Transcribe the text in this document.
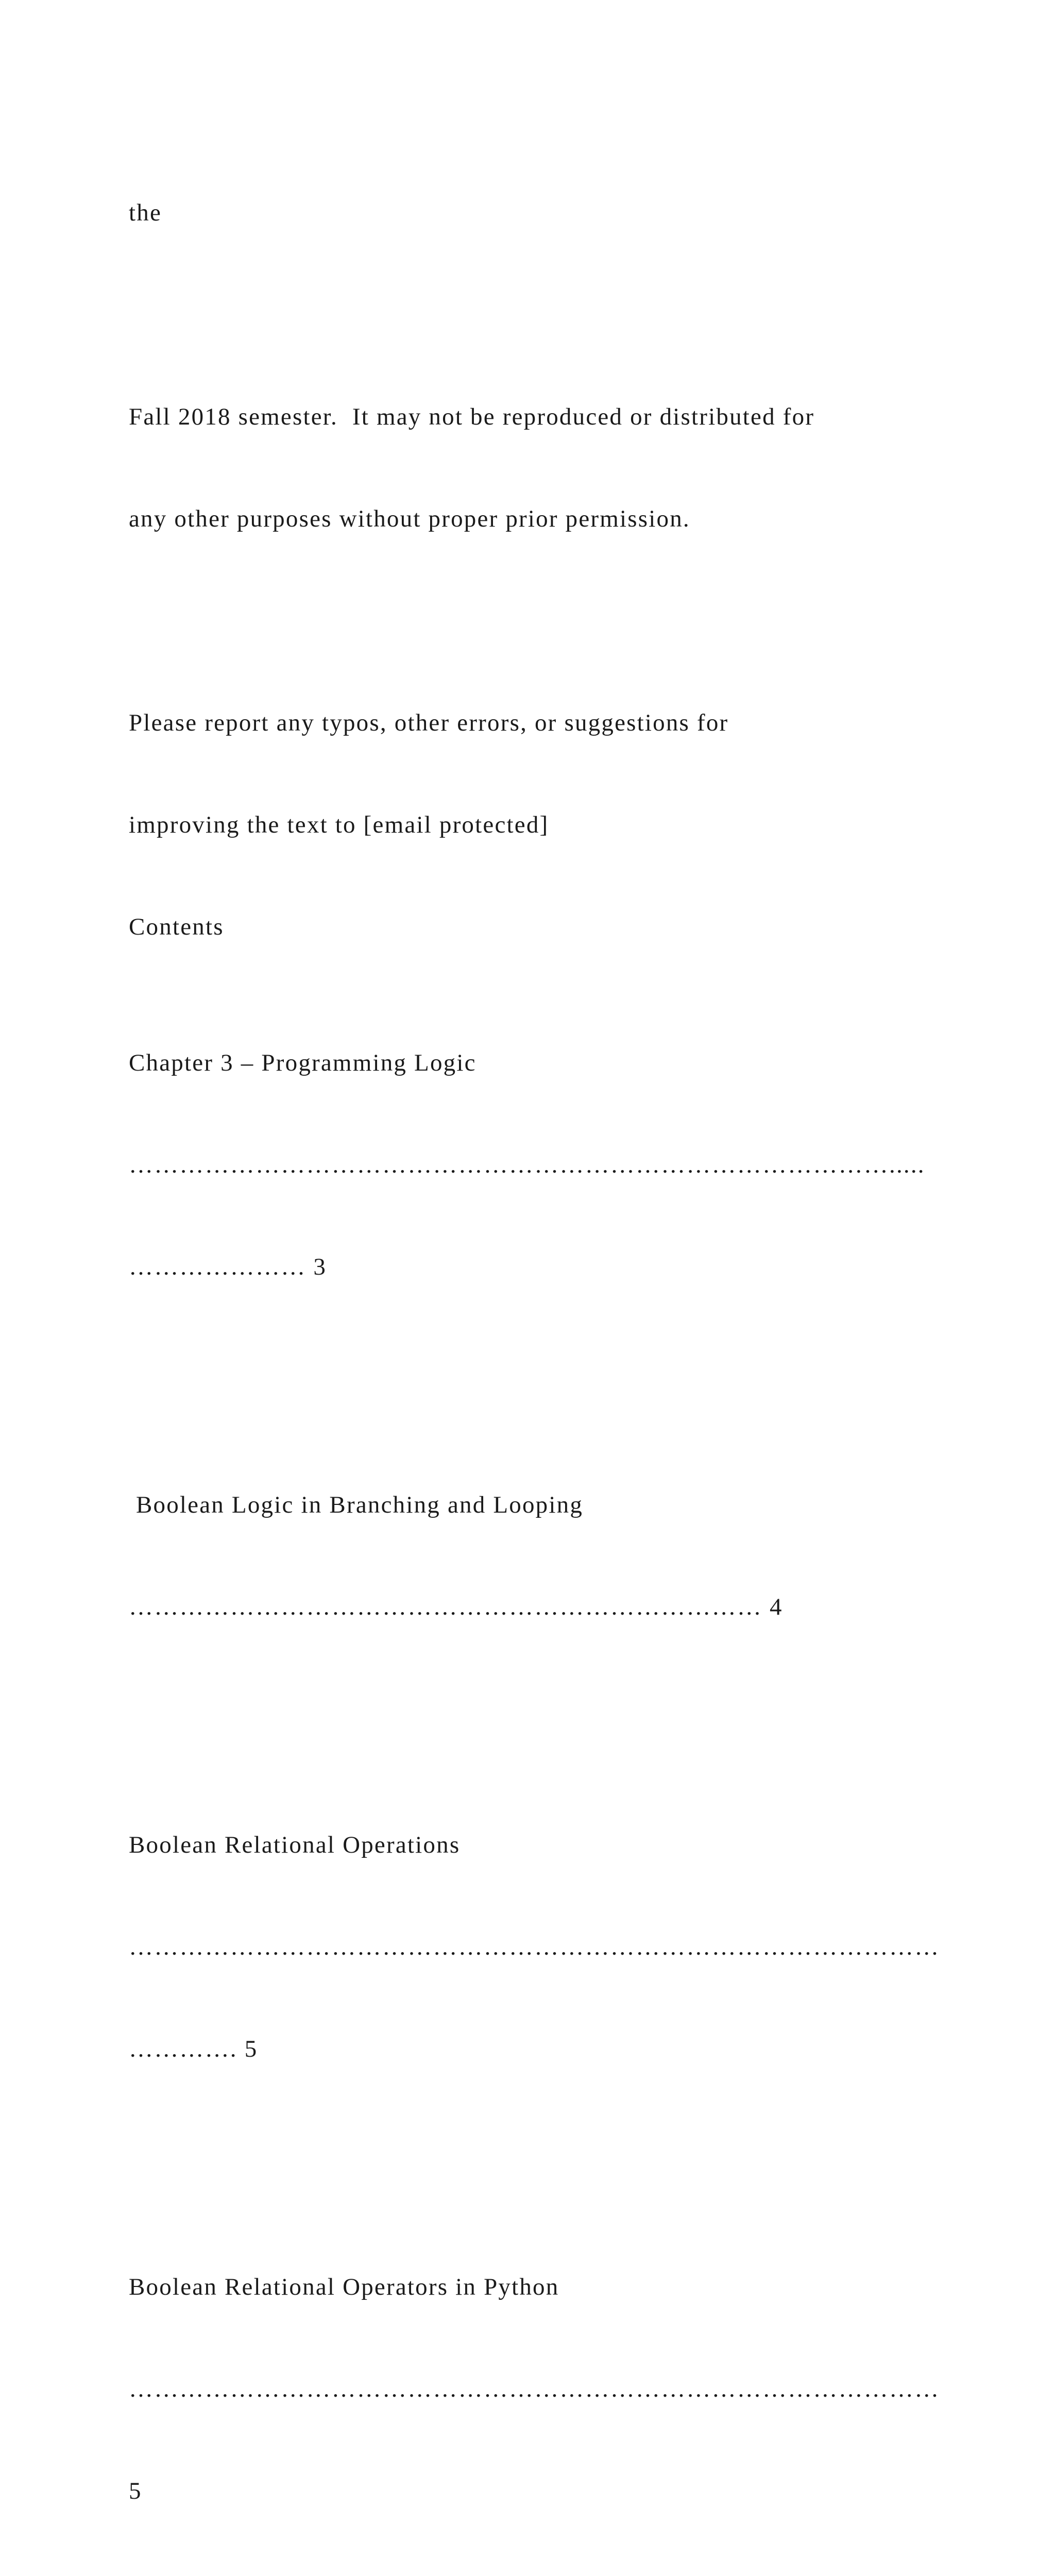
the

Fall 2018 semester.  It may not be reproduced or distributed for

any other purposes without proper prior permission.

Please report any typos, other errors, or suggestions for

improving the text to [email protected]

Contents

Chapter 3 – Programming Logic

……………………………………………………………………………….....

………………… 3

Boolean Logic in Branching and Looping

………………………………………………………………… 4

Boolean Relational Operations

……………………………………………………………………………………

…………. 5

Boolean Relational Operators in Python

……………………………………………………………………………………

5
